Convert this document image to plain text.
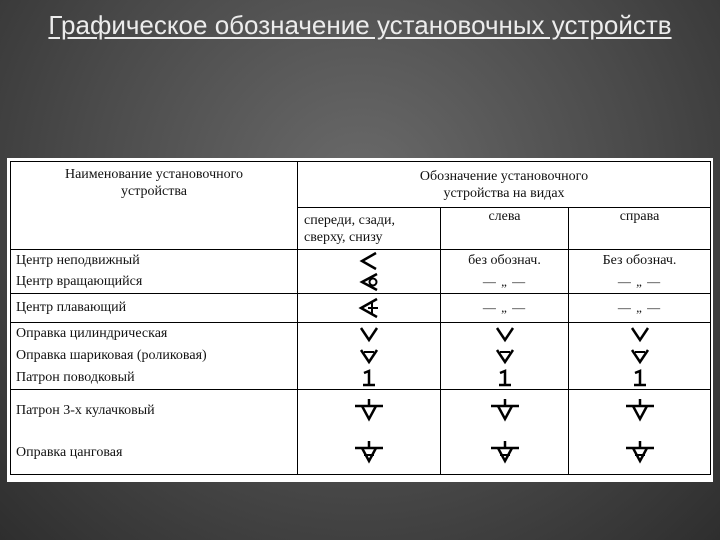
Графическое обозначение установочных устройств
Наименование установочного устройства	Обозначение установочного устройства на видах		
	спереди, сзади, сверху, снизу	слева	справа
Центр неподвижный		без обознач.	Без обознач.
Центр вращающийся		— „ —	— „ —
Центр плавающий		— „ —	— „ —
Оправка цилиндрическая	

Оправка шариковая (роликовая)	

Патрон поводковый	

Патрон 3-х кулачковый	

Оправка цанговая	
